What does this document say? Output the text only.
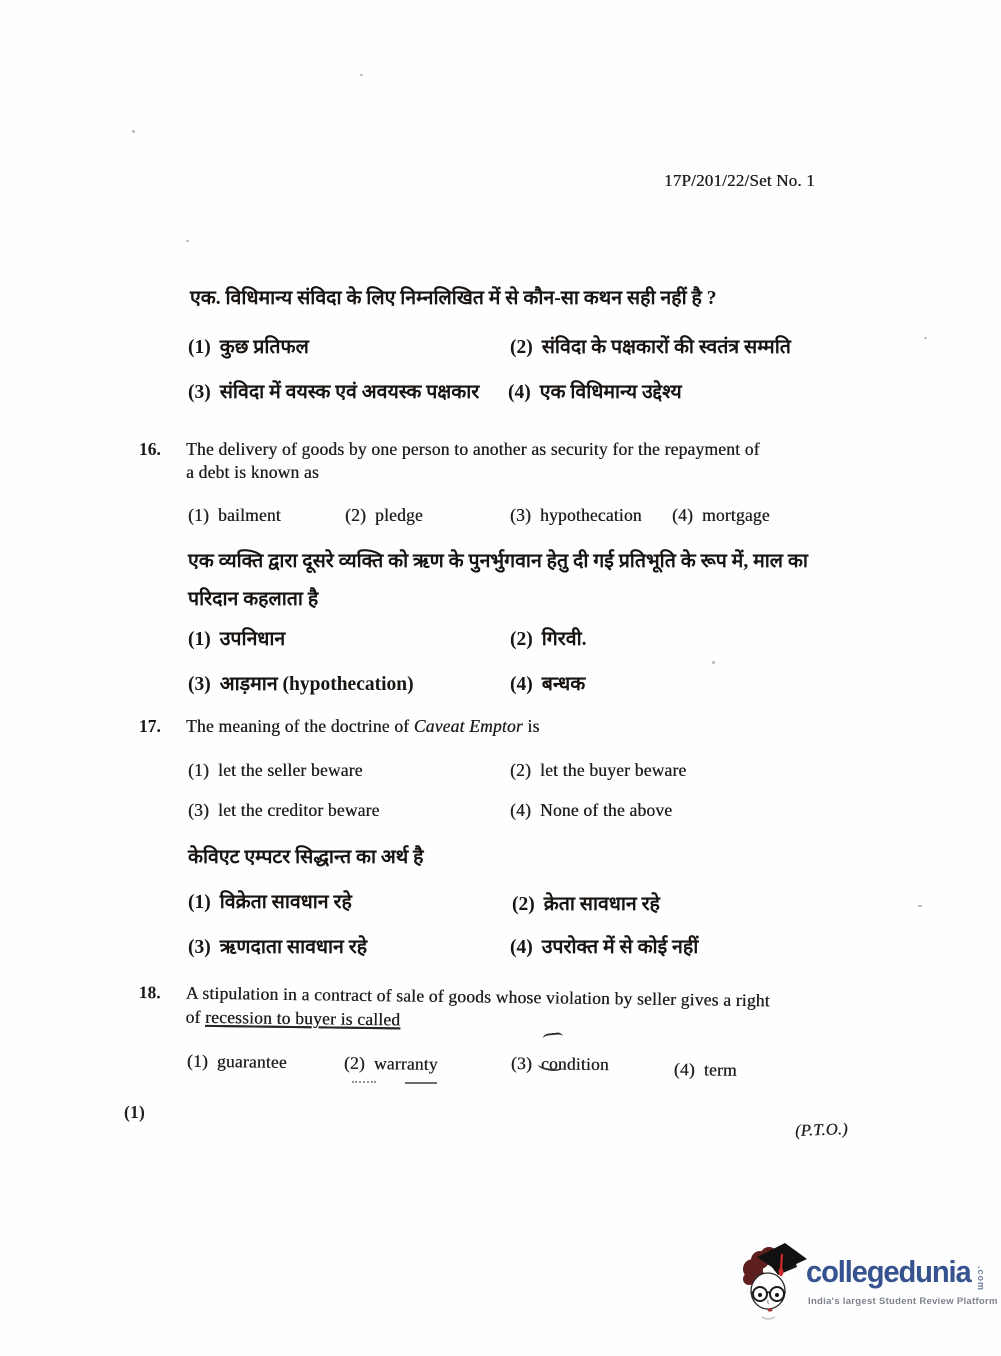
17P/201/22/Set No. 1
एक. विधिमान्य संविदा के लिए निम्नलिखित में से कौन-सा कथन सही नहीं है ?
(1) कुछ प्रतिफल	(2) संविदा के पक्षकारों की स्वतंत्र सम्मति
(3) संविदा में वयस्क एवं अवयस्क पक्षकार (4) एक विधिमान्य उद्देश्य
16. The delivery of goods by one person to another as security for the repayment of
a debt is known as
(1) bailment	(2) pledge	(3) hypothecation (4) mortgage
एक व्यक्ति द्वारा दूसरे व्यक्ति को ऋण के पुनर्भुगवान हेतु दी गई प्रतिभूति के रूप में, माल का
परिदान कहलाता है
(1) उपनिधान	(2) गिरवी.
(3) आड़मान (hypothecation)	(4) बन्धक
17. The meaning of the doctrine of Caveat Emptor is
(1) let the seller beware	(2) let the buyer beware
(3) let the creditor beware	(4) None of the above
केविएट एम्पटर सिद्धान्त का अर्थ है
(1) विक्रेता सावधान रहे	(2) क्रेता सावधान रहे
(3) ऋणदाता सावधान रहे	(4) उपरोक्त में से कोई नहीं
18. A stipulation in a contract of sale of goods whose violation by seller gives a right
of recession to buyer is called
(1) guarantee	(2) warranty	(3) condition	(4) term
(1)
(P.T.O.)
collegedunia .com
India's largest Student Review Platform
